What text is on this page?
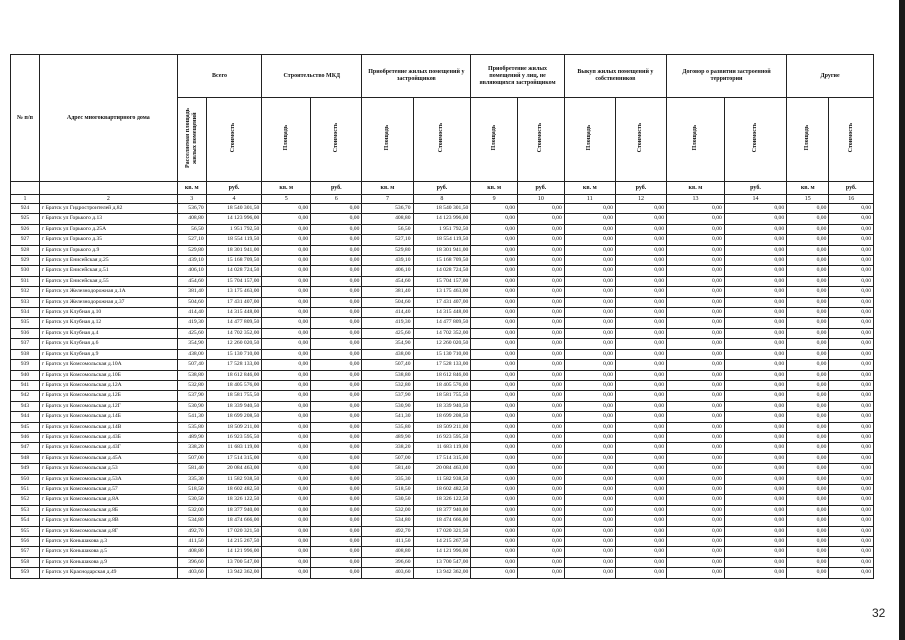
№ п/п	Адрес многоквартирного дома	Всего		Строительство МКД		Приобретение жилых помещений у застройщиков		Приобретение жилых помещений у лиц, не являющихся застройщиком		Выкуп жилых помещений у собственников		Договор о развитии застроенной территории		Другие	
		Расселяемая площадь жилых помещений	Стоимость	Площадь	Стоимость	Площадь	Стоимость	Площадь	Стоимость	Площадь	Стоимость	Площадь	Стоимость	Площадь	Стоимость
		кв. м	руб.	кв. м	руб.	кв. м	руб.	кв. м	руб.	кв. м	руб.	кв. м	руб.	кв. м	руб.
1	2	3	4	5	6	7	8	9	10	11	12	13	14	15	16
924	г Братск ул Гидростроителей д.82	536,70	18 540 301,50	0,00	0,00	536,70	18 540 301,50	0,00	0,00	0,00	0,00	0,00	0,00	0,00	0,00
925	г Братск ул Горького д.13	408,80	14 123 996,00	0,00	0,00	408,80	14 123 996,00	0,00	0,00	0,00	0,00	0,00	0,00	0,00	0,00
926	г Братск ул Горького д.25А	56,50	1 951 792,50	0,00	0,00	56,50	1 951 792,50	0,00	0,00	0,00	0,00	0,00	0,00	0,00	0,00
927	г Братск ул Горького д.35	527,10	18 554 119,50	0,00	0,00	527,10	18 554 119,50	0,00	0,00	0,00	0,00	0,00	0,00	0,00	0,00
928	г Братск ул Горького д.9	529,80	18 301 941,00	0,00	0,00	529,80	18 301 941,00	0,00	0,00	0,00	0,00	0,00	0,00	0,00	0,00
929	г Братск ул Енисейская д.25	439,10	15 168 709,50	0,00	0,00	439,10	15 168 709,50	0,00	0,00	0,00	0,00	0,00	0,00	0,00	0,00
930	г Братск ул Енисейская д.51	406,10	14 028 724,50	0,00	0,00	406,10	14 028 724,50	0,00	0,00	0,00	0,00	0,00	0,00	0,00	0,00
931	г Братск ул Енисейская д.55	454,60	15 704 157,00	0,00	0,00	454,60	15 704 157,00	0,00	0,00	0,00	0,00	0,00	0,00	0,00	0,00
932	г Братск ул Железнодорожная д.1А	381,40	13 175 463,00	0,00	0,00	381,40	13 175 463,00	0,00	0,00	0,00	0,00	0,00	0,00	0,00	0,00
933	г Братск ул Железнодорожная д.37	504,60	17 431 407,00	0,00	0,00	504,60	17 431 407,00	0,00	0,00	0,00	0,00	0,00	0,00	0,00	0,00
934	г Братск ул Клубная д.10	414,40	14 315 448,00	0,00	0,00	414,40	14 315 448,00	0,00	0,00	0,00	0,00	0,00	0,00	0,00	0,00
935	г Братск ул Клубная д.12	419,30	14 477 809,50	0,00	0,00	419,30	14 477 809,50	0,00	0,00	0,00	0,00	0,00	0,00	0,00	0,00
936	г Братск ул Клубная д.4	425,60	14 702 352,00	0,00	0,00	425,60	14 702 352,00	0,00	0,00	0,00	0,00	0,00	0,00	0,00	0,00
937	г Братск ул Клубная д.6	354,90	12 260 020,50	0,00	0,00	354,90	12 260 020,50	0,00	0,00	0,00	0,00	0,00	0,00	0,00	0,00
938	г Братск ул Клубная д.9	438,00	15 130 710,00	0,00	0,00	438,00	15 130 710,00	0,00	0,00	0,00	0,00	0,00	0,00	0,00	0,00
939	г Братск ул Комсомольская д.10А	507,40	17 528 133,00	0,00	0,00	507,40	17 528 133,00	0,00	0,00	0,00	0,00	0,00	0,00	0,00	0,00
940	г Братск ул Комсомольская д.10Б	538,80	18 612 846,00	0,00	0,00	538,80	18 612 846,00	0,00	0,00	0,00	0,00	0,00	0,00	0,00	0,00
941	г Братск ул Комсомольская д.12А	532,80	18 405 576,00	0,00	0,00	532,80	18 405 576,00	0,00	0,00	0,00	0,00	0,00	0,00	0,00	0,00
942	г Братск ул Комсомольская д.12Б	537,90	18 581 755,50	0,00	0,00	537,90	18 581 755,50	0,00	0,00	0,00	0,00	0,00	0,00	0,00	0,00
943	г Братск ул Комсомольская д.12Г	530,90	18 339 940,50	0,00	0,00	530,90	18 339 940,50	0,00	0,00	0,00	0,00	0,00	0,00	0,00	0,00
944	г Братск ул Комсомольская д.14Б	541,30	18 699 208,50	0,00	0,00	541,30	18 699 208,50	0,00	0,00	0,00	0,00	0,00	0,00	0,00	0,00
945	г Братск ул Комсомольская д.14В	535,80	18 509 211,00	0,00	0,00	535,80	18 509 211,00	0,00	0,00	0,00	0,00	0,00	0,00	0,00	0,00
946	г Братск ул Комсомольская д.43Б	489,90	16 923 595,50	0,00	0,00	489,90	16 923 595,50	0,00	0,00	0,00	0,00	0,00	0,00	0,00	0,00
947	г Братск ул Комсомольская д.43Г	338,20	11 683 119,00	0,00	0,00	338,20	11 683 119,00	0,00	0,00	0,00	0,00	0,00	0,00	0,00	0,00
948	г Братск ул Комсомольская д.45А	507,00	17 514 315,00	0,00	0,00	507,00	17 514 315,00	0,00	0,00	0,00	0,00	0,00	0,00	0,00	0,00
949	г Братск ул Комсомольская д.53	581,40	20 084 463,00	0,00	0,00	581,40	20 084 463,00	0,00	0,00	0,00	0,00	0,00	0,00	0,00	0,00
950	г Братск ул Комсомольская д.53А	335,30	11 582 938,50	0,00	0,00	335,30	11 582 938,50	0,00	0,00	0,00	0,00	0,00	0,00	0,00	0,00
951	г Братск ул Комсомольская д.57	518,50	18 602 482,50	0,00	0,00	518,50	18 602 482,50	0,00	0,00	0,00	0,00	0,00	0,00	0,00	0,00
952	г Братск ул Комсомольская д.8А	530,50	18 326 122,50	0,00	0,00	530,50	18 326 122,50	0,00	0,00	0,00	0,00	0,00	0,00	0,00	0,00
953	г Братск ул Комсомольская д.8Б	532,00	18 377 940,00	0,00	0,00	532,00	18 377 940,00	0,00	0,00	0,00	0,00	0,00	0,00	0,00	0,00
954	г Братск ул Комсомольская д.8В	534,80	18 474 666,00	0,00	0,00	534,80	18 474 666,00	0,00	0,00	0,00	0,00	0,00	0,00	0,00	0,00
955	г Братск ул Комсомольская д.8Г	492,70	17 020 321,50	0,00	0,00	492,70	17 020 321,50	0,00	0,00	0,00	0,00	0,00	0,00	0,00	0,00
956	г Братск ул Коньшакова д.3	411,50	14 215 267,50	0,00	0,00	411,50	14 215 267,50	0,00	0,00	0,00	0,00	0,00	0,00	0,00	0,00
957	г Братск ул Коньшакова д.5	408,80	14 121 996,00	0,00	0,00	408,80	14 121 996,00	0,00	0,00	0,00	0,00	0,00	0,00	0,00	0,00
958	г Братск ул Коньшакова д.9	396,60	13 700 547,00	0,00	0,00	396,60	13 700 547,00	0,00	0,00	0,00	0,00	0,00	0,00	0,00	0,00
959	г Братск ул Краснодарская д.49	403,60	13 942 362,00	0,00	0,00	403,60	13 942 362,00	0,00	0,00	0,00	0,00	0,00	0,00	0,00	0,00
32
